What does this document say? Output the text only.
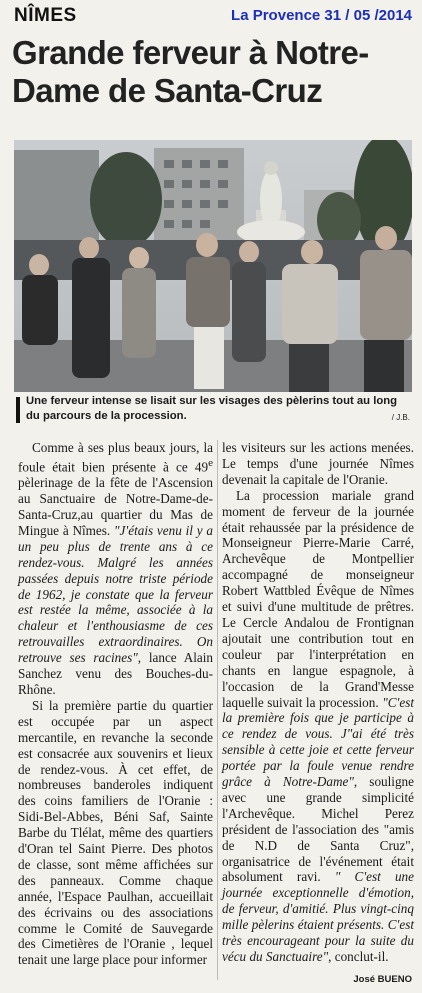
NÎMES	La Provence 31 / 05 /2014
Grande ferveur à Notre-Dame de Santa-Cruz
Une ferveur intense se lisait sur les visages des pèlerins tout au long du parcours de la procession.	/ J.B.

Comme à ses plus beaux jours, la foule était bien présente à ce 49e pèlerinage de la fête de l'Ascension au Sanctuaire de Notre-Dame-de-Santa-Cruz,au quartier du Mas de Mingue à Nîmes. "J'étais venu il y a un peu plus de trente ans à ce rendez-vous. Malgré les années passées depuis notre triste période de 1962, je constate que la ferveur est restée la même, associée à la chaleur et l'enthousiasme de ces retrouvailles extraordinaires. On retrouve ses racines", lance Alain Sanchez venu des Bouches-du-Rhône.

Si la première partie du quartier est occupée par un aspect mercantile, en revanche la seconde est consacrée aux souvenirs et lieux de rendez-vous. À cet effet, de nombreuses banderoles indiquent des coins familiers de l'Oranie : Sidi-Bel-Abbes, Béni Saf, Sainte Barbe du Tlélat, même des quartiers d'Oran tel Saint Pierre. Des photos de classe, sont même affichées sur des panneaux. Comme chaque année, l'Espace Paulhan, accueillait des écrivains ou des associations comme le Comité de Sauvegarde des Cimetières de l'Oranie , lequel tenait une large place pour informer

les visiteurs sur les actions menées. Le temps d'une journée Nîmes devenait la capitale de l'Oranie.

La procession mariale grand moment de ferveur de la journée était rehaussée par la présidence de Monseigneur Pierre-Marie Carré, Archevêque de Montpellier accompagné de monseigneur Robert Wattbled Évêque de Nîmes et suivi d'une multitude de prêtres. Le Cercle Andalou de Frontignan ajoutait une contribution tout en couleur par l'interprétation en chants en langue espagnole, à l'occasion de la Grand'Messe laquelle suivait la procession. "C'est la première fois que je participe à ce rendez de vous. J"ai été très sensible à cette joie et cette ferveur portée par la foule venue rendre grâce à Notre-Dame", souligne avec une grande simplicité l'Archevêque. Michel Perez président de l'association des "amis de N.D de Santa Cruz", organisatrice de l'événement était absolument ravi. " C'est une journée exceptionnelle d'émotion, de ferveur, d'amitié. Plus vingt-cinq mille pèlerins étaient présents. C'est très encourageant pour la suite du vécu du Sanctuaire", conclut-il.

José BUENO
